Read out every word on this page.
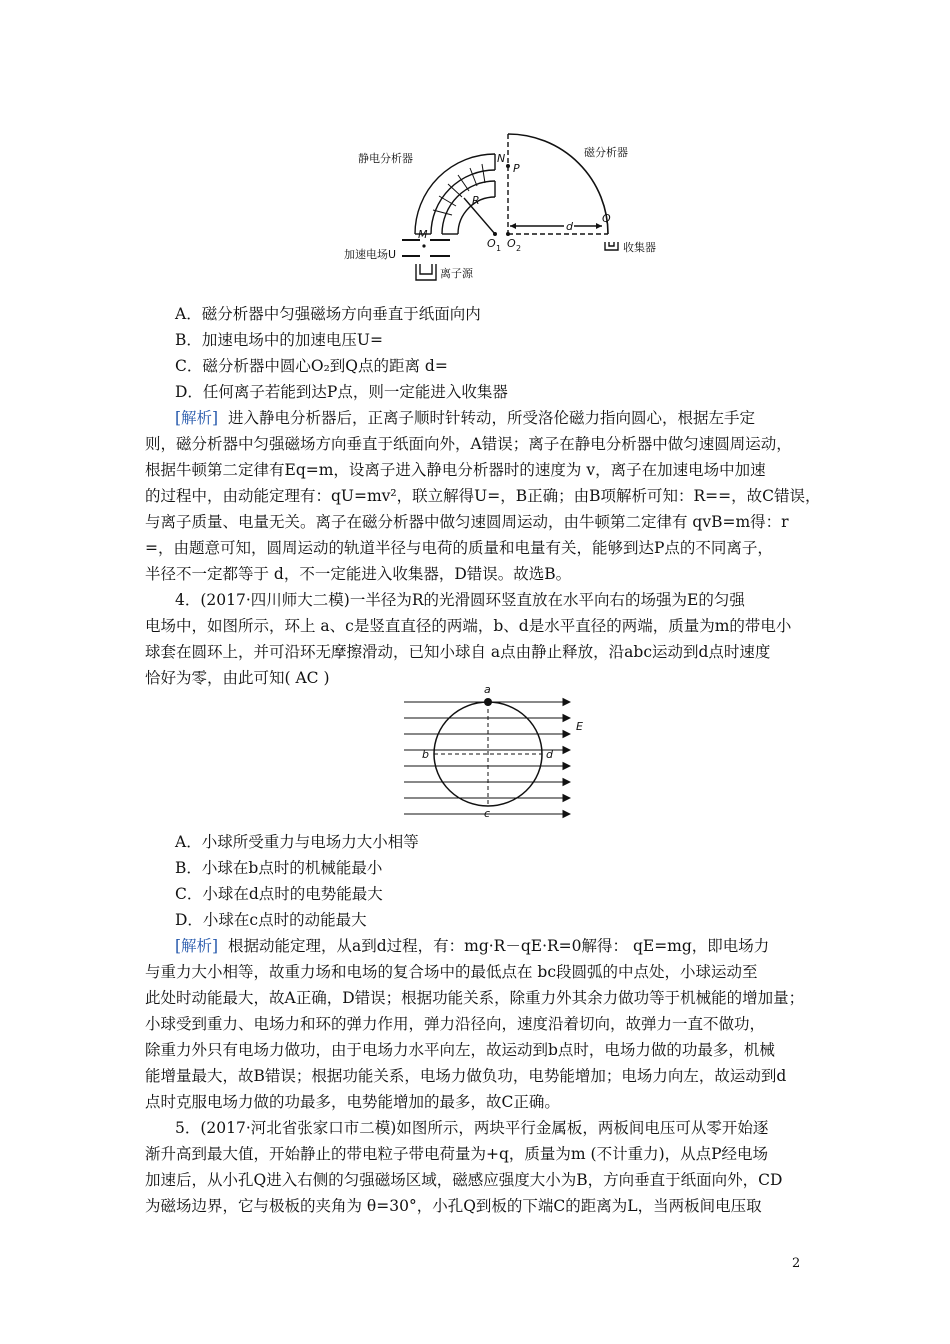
静电分析器	磁分析器
加速电场U
离子源
收集器
N
P
R
M
O 1 O 2
d
Q
A．磁分析器中匀强磁场方向垂直于纸面向内
B．加速电场中的加速电压U=
C．磁分析器中圆心O₂到Q点的距离 d=
D．任何离子若能到达P点，则一定能进入收集器
[解析] 进入静电分析器后，正离子顺时针转动，所受洛伦磁力指向圆心，根据左手定
则，磁分析器中匀强磁场方向垂直于纸面向外，A错误；离子在静电分析器中做匀速圆周运动，
根据牛顿第二定律有Eq=m，设离子进入静电分析器时的速度为 v，离子在加速电场中加速
的过程中，由动能定理有：qU=mv²，联立解得U=，B正确；由B项解析可知：R==，故C错误，
与离子质量、电量无关。离子在磁分析器中做匀速圆周运动，由牛顿第二定律有 qvB=m得：r
=，由题意可知，圆周运动的轨道半径与电荷的质量和电量有关，能够到达P点的不同离子，
半径不一定都等于 d，不一定能进入收集器，D错误。故选B。
4．(2017·四川师大二模)一半径为R的光滑圆环竖直放在水平向右的场强为E的匀强
电场中，如图所示，环上 a、c是竖直直径的两端，b、d是水平直径的两端，质量为m的带电小
球套在圆环上，并可沿环无摩擦滑动，已知小球自 a点由静止释放，沿abc运动到d点时速度
恰好为零，由此可知( AC )
a
b
c
d
E
A．小球所受重力与电场力大小相等
B．小球在b点时的机械能最小
C．小球在d点时的电势能最大
D．小球在c点时的动能最大
[解析] 根据动能定理，从a到d过程，有：mg·R－qE·R=0解得： qE=mg，即电场力
与重力大小相等，故重力场和电场的复合场中的最低点在 bc段圆弧的中点处，小球运动至
此处时动能最大，故A正确，D错误；根据功能关系，除重力外其余力做功等于机械能的增加量；
小球受到重力、电场力和环的弹力作用，弹力沿径向，速度沿着切向，故弹力一直不做功，
除重力外只有电场力做功，由于电场力水平向左，故运动到b点时，电场力做的功最多，机械
能增量最大，故B错误；根据功能关系，电场力做负功，电势能增加；电场力向左，故运动到d
点时克服电场力做的功最多，电势能增加的最多，故C正确。
5．(2017·河北省张家口市二模)如图所示，两块平行金属板，两板间电压可从零开始逐
渐升高到最大值，开始静止的带电粒子带电荷量为+q，质量为m (不计重力)，从点P经电场
加速后，从小孔Q进入右侧的匀强磁场区域，磁感应强度大小为B，方向垂直于纸面向外，CD
为磁场边界，它与极板的夹角为 θ=30°，小孔Q到板的下端C的距离为L，当两板间电压取
2
